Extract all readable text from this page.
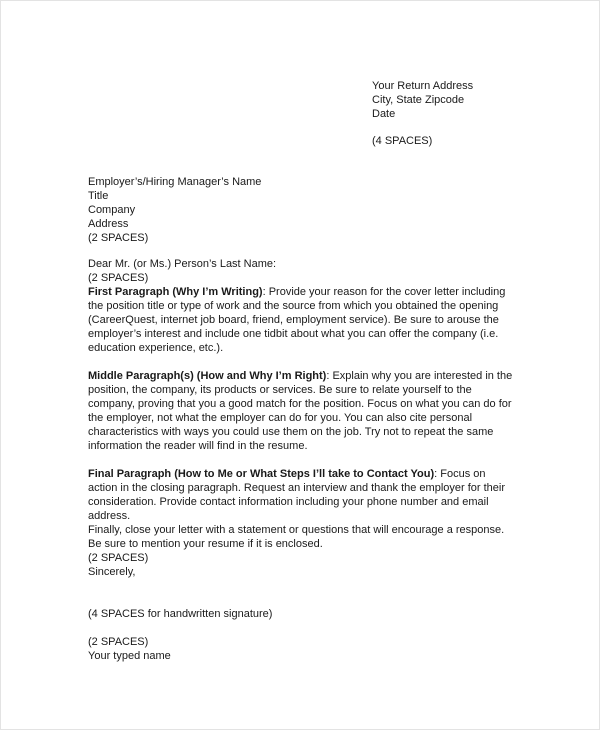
Your Return Address
City, State Zipcode
Date
(4 SPACES)
Employer’s/Hiring Manager’s Name
Title
Company
Address
(2 SPACES)
Dear Mr. (or Ms.) Person’s Last Name:
(2 SPACES)

First Paragraph (Why I’m Writing): Provide your reason for the cover letter including the position title or type of work and the source from which you obtained the opening (CareerQuest, internet job board, friend, employment service). Be sure to arouse the employer’s interest and include one tidbit about what you can offer the company (i.e. education experience, etc.).

Middle Paragraph(s) (How and Why I’m Right): Explain why you are interested in the position, the company, its products or services. Be sure to relate yourself to the company, proving that you a good match for the position. Focus on what you can do for the employer, not what the employer can do for you. You can also cite personal characteristics with ways you could use them on the job. Try not to repeat the same information the reader will find in the resume.

Final Paragraph (How to Me or What Steps I’ll take to Contact You): Focus on action in the closing paragraph. Request an interview and thank the employer for their consideration. Provide contact information including your phone number and email address.

Finally, close your letter with a statement or questions that will encourage a response. Be sure to mention your resume if it is enclosed.

(2 SPACES)
Sincerely,
(4 SPACES for handwritten signature)
(2 SPACES)
Your typed name
